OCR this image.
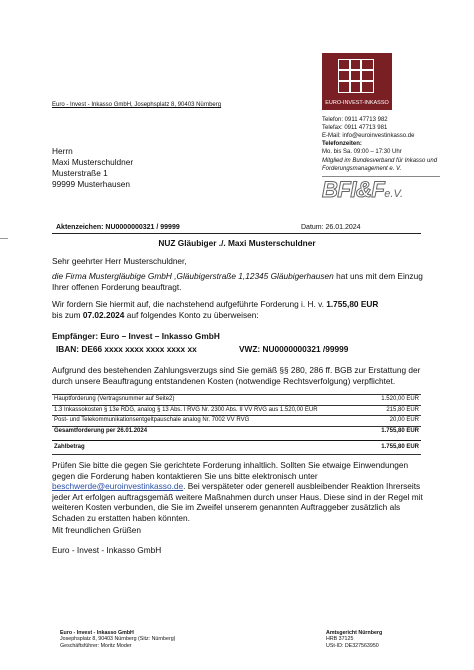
Euro - Invest - Inkasso GmbH, Josephsplatz 8, 90403 Nürnberg	EURO-INVEST-INKASSO
Telefon: 0911 47713 982
Telefax: 0911 47713 981
E-Mail: info@euroinvestinkasso.de
Telefonzeiten:
Mo. bis Sa. 09:00 – 17:30 Uhr
Mitglied im Bundesverband für Inkasso und Forderungsmanagement e. V.
BFI&Fe.V.
Herrn
Maxi Musterschuldner
Musterstraße 1
99999 Musterhausen
Aktenzeichen: NU0000000321 / 99999	Datum: 26.01.2024
NUZ Gläubiger ./. Maxi Musterschuldner
Sehr geehrter Herr Musterschuldner,
die Firma Mustergläubige GmbH ,Gläubigerstraße 1,12345 Gläubigerhausen hat uns mit dem Einzug Ihrer offenen Forderung beauftragt.
Wir fordern Sie hiermit auf, die nachstehend aufgeführte Forderung i. H. v. 1.755,80 EUR
bis zum 07.02.2024 auf folgendes Konto zu überweisen:
Empfänger: Euro – Invest – Inkasso GmbH
IBAN: DE66 xxxx xxxx xxxx xxxx xx	VWZ: NU0000000321 /99999
Aufgrund des bestehenden Zahlungsverzugs sind Sie gemäß §§ 280, 286 ff. BGB zur Erstattung der durch unsere Beauftragung entstandenen Kosten (notwendige Rechtsverfolgung) verpflichtet.
Hauptforderung (Vertragsnummer auf Seite2)	1.520,00 EUR
1.3 Inkassokosten § 13e RDG, analog § 13 Abs. I RVG Nr. 2300 Abs. II VV RVG aus 1.520,00 EUR	215,80 EUR
Post- und Telekommunikationsentgeltpauschale analog Nr. 7002 VV RVG	20,00 EUR
Gesamtforderung per 26.01.2024	1.755,80 EUR

Zahlbetrag	1.755,80 EUR
Prüfen Sie bitte die gegen Sie gerichtete Forderung inhaltlich. Sollten Sie etwaige Einwendungen gegen die Forderung haben kontaktieren Sie uns bitte elektronisch unter beschwerde@euroinvestinkasso.de. Bei verspäteter oder generell ausbleibender Reaktion Ihrerseits jeder Art erfolgen auftragsgemäß weitere Maßnahmen durch unser Haus. Diese sind in der Regel mit weiteren Kosten verbunden, die Sie im Zweifel unserem genannten Auftraggeber zusätzlich als Schaden zu erstatten haben könnten.
Mit freundlichen Grüßen
Euro - Invest - Inkasso GmbH
Euro - Invest - Inkasso GmbH
Josephsplatz 8, 90403 Nürnberg (Sitz: Nürnberg)
Geschäftsführer: Moritz Moder
Amtsgericht Nürnberg
HRB 37125
USt-ID: DE327563950
